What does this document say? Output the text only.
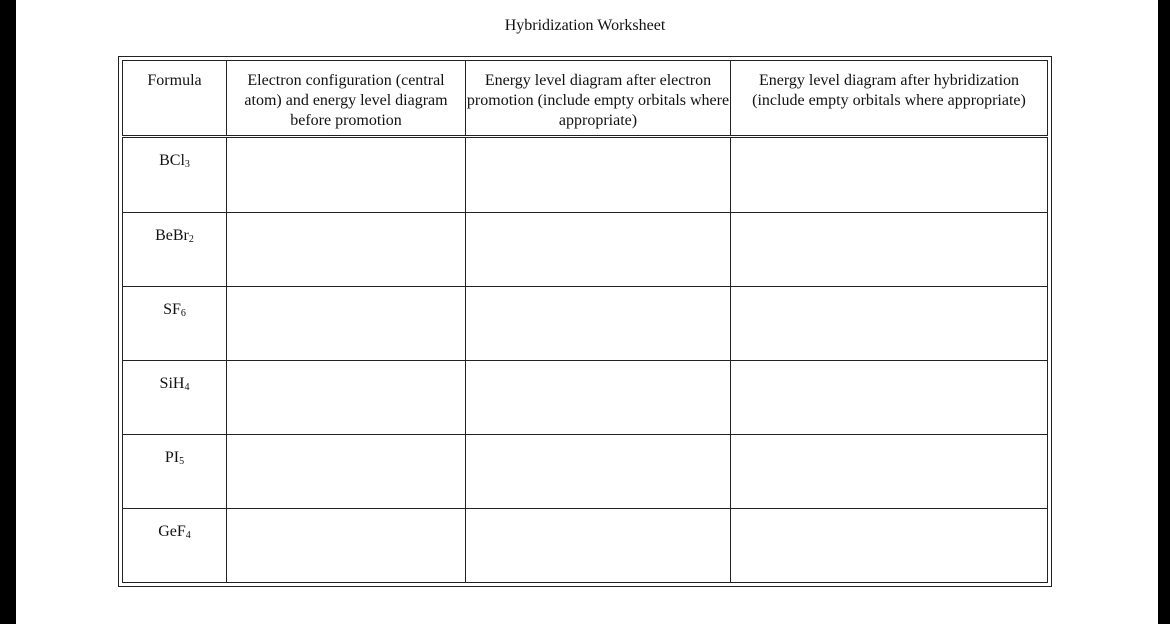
Hybridization Worksheet
Formula	Electron configuration (central atom) and energy level diagram before promotion	Energy level diagram after electron promotion (include empty orbitals where appropriate)	Energy level diagram after hybridization (include empty orbitals where appropriate)
BCl$_3$			
BeBr$_2$			
$SF_6$			
SiH$_4$			
$PI_5$			
GeF$_4$			
